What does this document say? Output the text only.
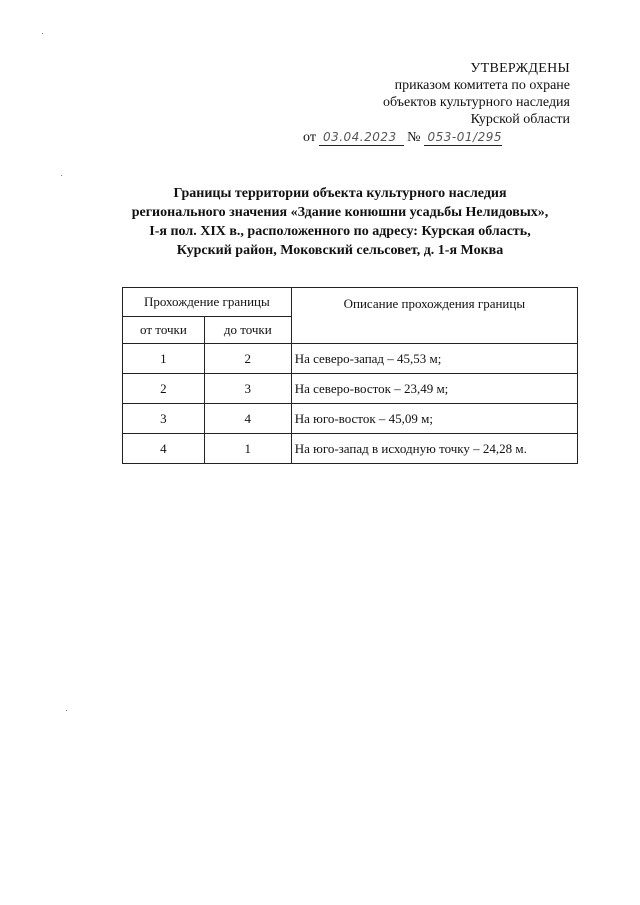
УТВЕРЖДЕНЫ
приказом комитета по охране
объектов культурного наследия
Курской области
от 03.04.2023 № 053-01/295
Границы территории объекта культурного наследия
регионального значения «Здание конюшни усадьбы Нелидовых»,
I-я пол. XIX в., расположенного по адресу: Курская область,
Курский район, Моковский сельсовет, д. 1-я Моква
Прохождение границы		Описание прохождения границы
от точки	до точки	
1	2	На северо-запад – 45,53 м;
2	3	На северо-восток – 23,49 м;
3	4	На юго-восток – 45,09 м;
4	1	На юго-запад в исходную точку – 24,28 м.
